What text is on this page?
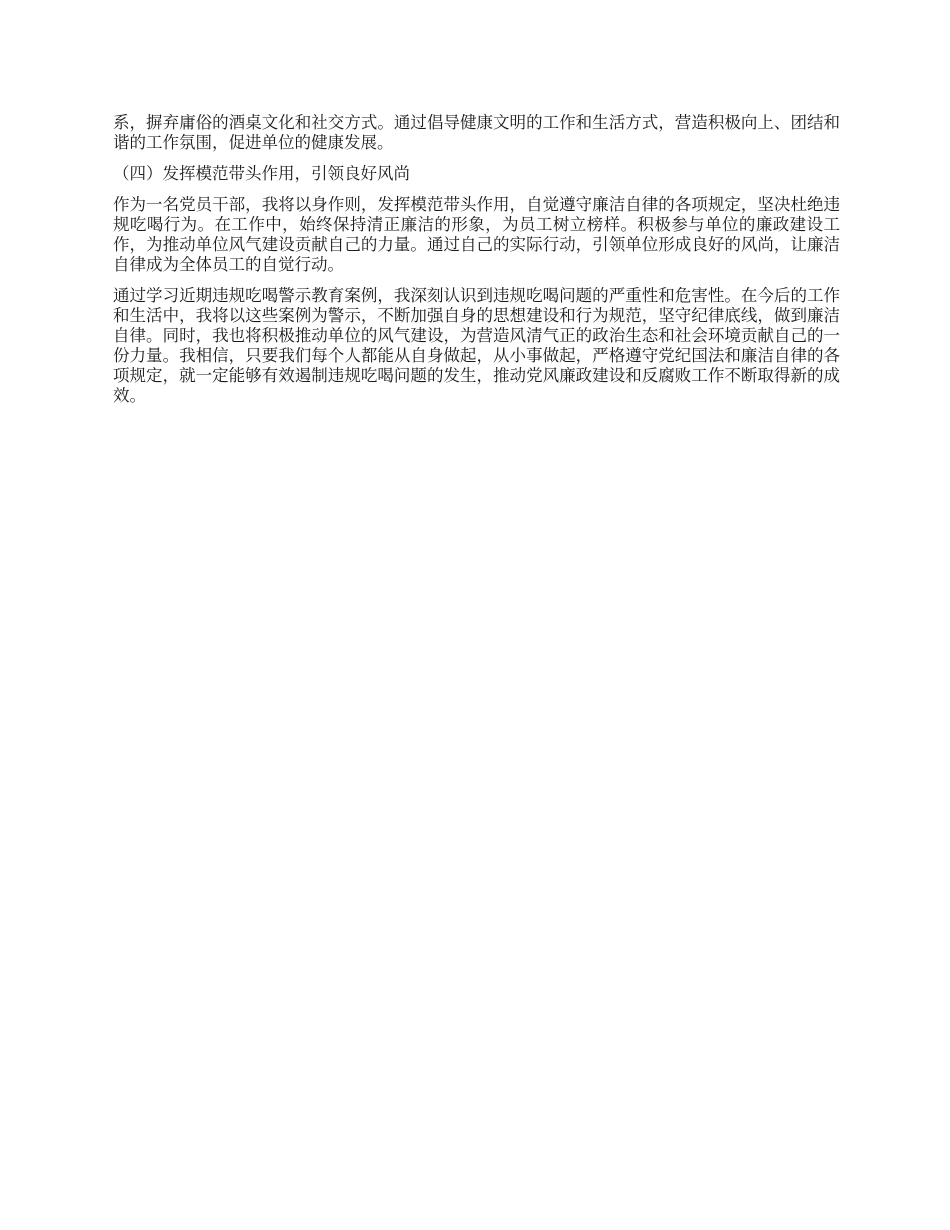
系，摒弃庸俗的酒桌文化和社交方式。通过倡导健康文明的工作和生活方式，营造积极向上、团结和谐的工作氛围，促进单位的健康发展。

（四）发挥模范带头作用，引领良好风尚

作为一名党员干部，我将以身作则，发挥模范带头作用，自觉遵守廉洁自律的各项规定，坚决杜绝违规吃喝行为。在工作中，始终保持清正廉洁的形象，为员工树立榜样。积极参与单位的廉政建设工作，为推动单位风气建设贡献自己的力量。通过自己的实际行动，引领单位形成良好的风尚，让廉洁自律成为全体员工的自觉行动。

通过学习近期违规吃喝警示教育案例，我深刻认识到违规吃喝问题的严重性和危害性。在今后的工作和生活中，我将以这些案例为警示，不断加强自身的思想建设和行为规范，坚守纪律底线，做到廉洁自律。同时，我也将积极推动单位的风气建设，为营造风清气正的政治生态和社会环境贡献自己的一份力量。我相信，只要我们每个人都能从自身做起，从小事做起，严格遵守党纪国法和廉洁自律的各项规定，就一定能够有效遏制违规吃喝问题的发生，推动党风廉政建设和反腐败工作不断取得新的成效。
